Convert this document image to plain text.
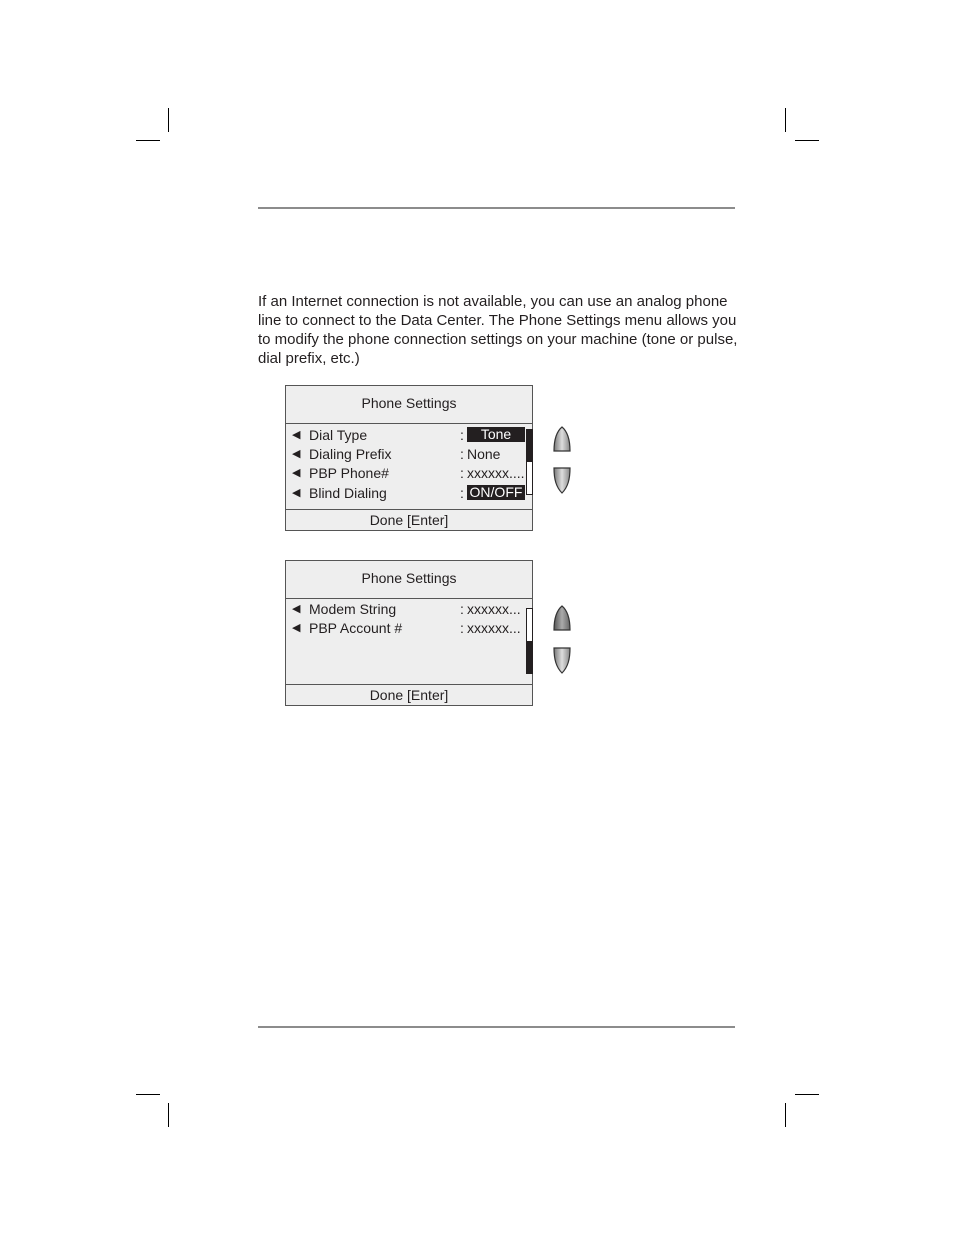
If an Internet connection is not available, you can use an analog phone line to connect to the Data Center. The Phone Settings menu allows you to modify the phone connection settings on your machine (tone or pulse, dial prefix, etc.)

Phone Settings
◀ Dial Type	:	Tone
◀ Dialing Prefix	: None
◀ PBP Phone#	: xxxxxx....
◀ Blind Dialing	: ON/OFF
Done [Enter]
Phone Settings
◀ Modem String	: xxxxxx...
◀ PBP Account #	: xxxxxx...
Done [Enter]
